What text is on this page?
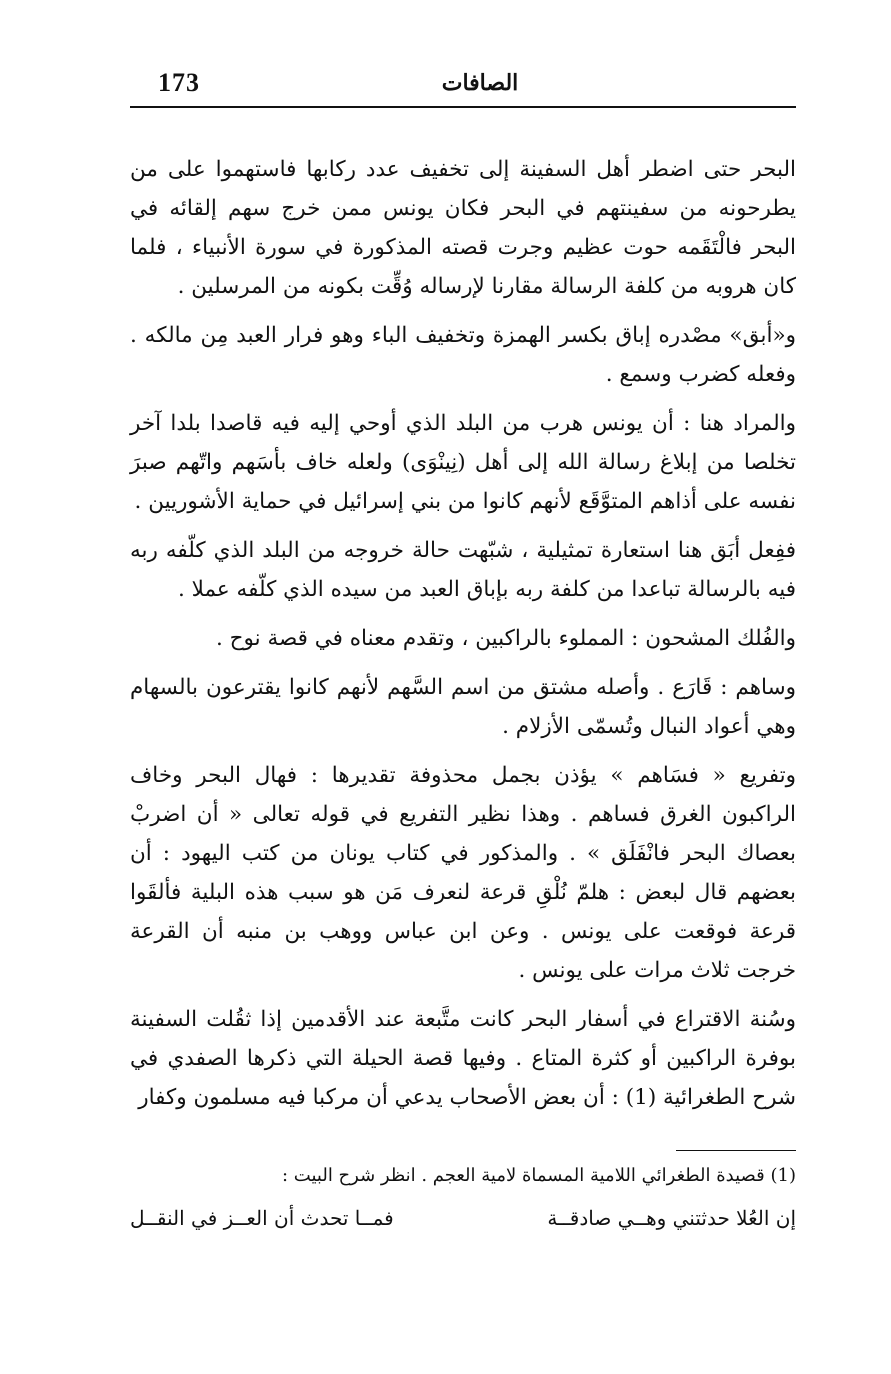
173	الصافات

البحر حتى اضطر أهل السفينة إلى تخفيف عدد ركابها فاستهموا على من يطرحونه من سفينتهم في البحر فكان يونس ممن خرج سهم إلقائه في البحر فالْتَقَمه حوت عظيم وجرت قصته المذكورة في سورة الأنبياء ، فلما كان هروبه من كلفة الرسالة مقارنا لإرساله وُقِّت بكونه من المرسلين .

و«أبق» مصْدره إباق بكسر الهمزة وتخفيف الباء وهو فرار العبد مِن مالكه . وفعله كضرب وسمع .

والمراد هنا : أن يونس هرب من البلد الذي أوحي إليه فيه قاصدا بلدا آخر تخلصا من إبلاغ رسالة الله إلى أهل (نِينْوَى) ولعله خاف بأسَهم واتّهم صبرَ نفسه على أذاهم المتوَّقَع لأنهم كانوا من بني إسرائيل في حماية الأشوريين .

ففِعل أبَق هنا استعارة تمثيلية ، شبّهت حالة خروجه من البلد الذي كلّفه ربه فيه بالرسالة تباعدا من كلفة ربه بإباق العبد من سيده الذي كلّفه عملا .

والفُلك المشحون : المملوء بالراكبين ، وتقدم معناه في قصة نوح .

وساهم : قَارَع . وأصله مشتق من اسم السَّهم لأنهم كانوا يقترعون بالسهام وهي أعواد النبال وتُسمّى الأزلام .

وتفريع « فسَاهم » يؤذن بجمل محذوفة تقديرها : فهال البحر وخاف الراكبون الغرق فساهم . وهذا نظير التفريع في قوله تعالى « أن اضربْ بعصاك البحر فانْفَلَق » . والمذكور في كتاب يونان من كتب اليهود : أن بعضهم قال لبعض : هلمّ نُلْقِ قرعة لنعرف مَن هو سبب هذه البلية فألقَوا قرعة فوقعت على يونس . وعن ابن عباس ووهب بن منبه أن القرعة خرجت ثلاث مرات على يونس .

وسُنة الاقتراع في أسفار البحر كانت متَّبعة عند الأقدمين إذا ثقُلت السفينة بوفرة الراكبين أو كثرة المتاع . وفيها قصة الحيلة التي ذكرها الصفدي في شرح الطغرائية (1) : أن بعض الأصحاب يدعي أن مركبا فيه مسلمون وكفار

(1) قصيدة الطغرائي اللامية المسماة لامية العجم . انظر شرح البيت :
إن العُلا حدثتني وهــي صادقــة
فمــا تحدث أن العــز في النقــل
